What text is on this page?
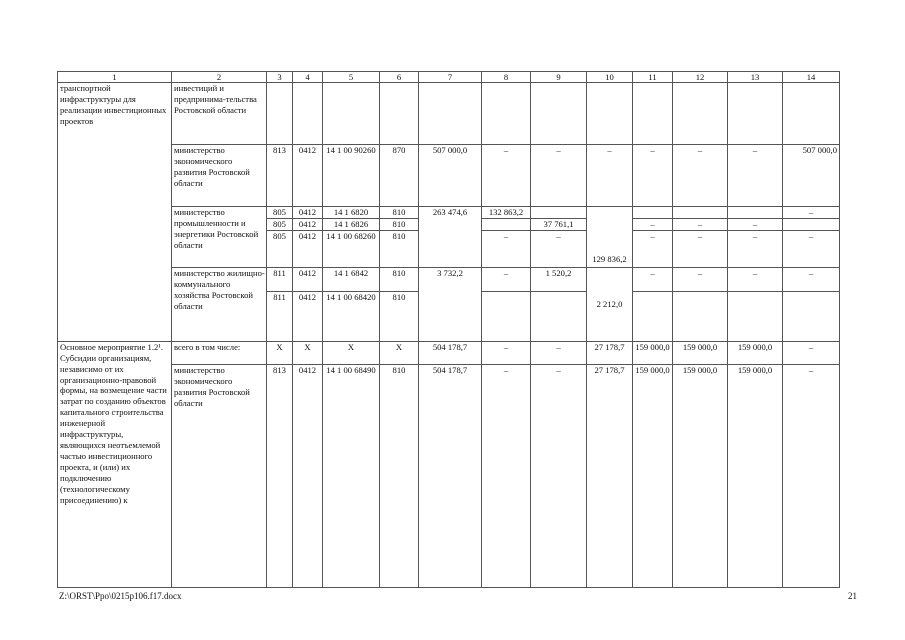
1	2	3	4	5	6	7	8	9	10	11	12	13	14
транспортной инфраструктуры для реализации инвестиционных проектов	инвестиций и предпринима-тельства Ростовской области												
	министерство экономического развития Ростовской области	813	0412	14 1 00 90260	870	507 000,0	–	–	–	–	–	–	507 000,0
	министерство промышленности и энергетики Ростовской области	805	0412	14 1 6820	810	263 474,6	132 863,2		129 836,2				–
		805	0412	14 1 6826	810			37 761,1		–	–	–	
		805	0412	14 1 00 68260	810		–	–		–	–	–	–
	министерство жилищно-коммунального хозяйства Ростовской области	811	0412	14 1 6842	810	3 732,2	–	1 520,2	2 212,0	–	–	–	–
		811	0412	14 1 00 68420	810								
Основное мероприятие 1.2¹. Субсидии организациям, независимо от их организационно-правовой формы, на возмещение части затрат по созданию объектов капитального строительства инженерной инфраструктуры, являющихся неотъемлемой частью инвестиционного проекта, и (или) их подключению (технологическому присоединению) к	всего в том числе:	Х	Х	Х	Х	504 178,7	–	–	27 178,7	159 000,0	159 000,0	159 000,0	–
	министерство экономического развития Ростовской области	813	0412	14 1 00 68490	810	504 178,7	–	–	27 178,7	159 000,0	159 000,0	159 000,0	–
Z:\ORST\Ppo\0215p106.f17.docx	21
